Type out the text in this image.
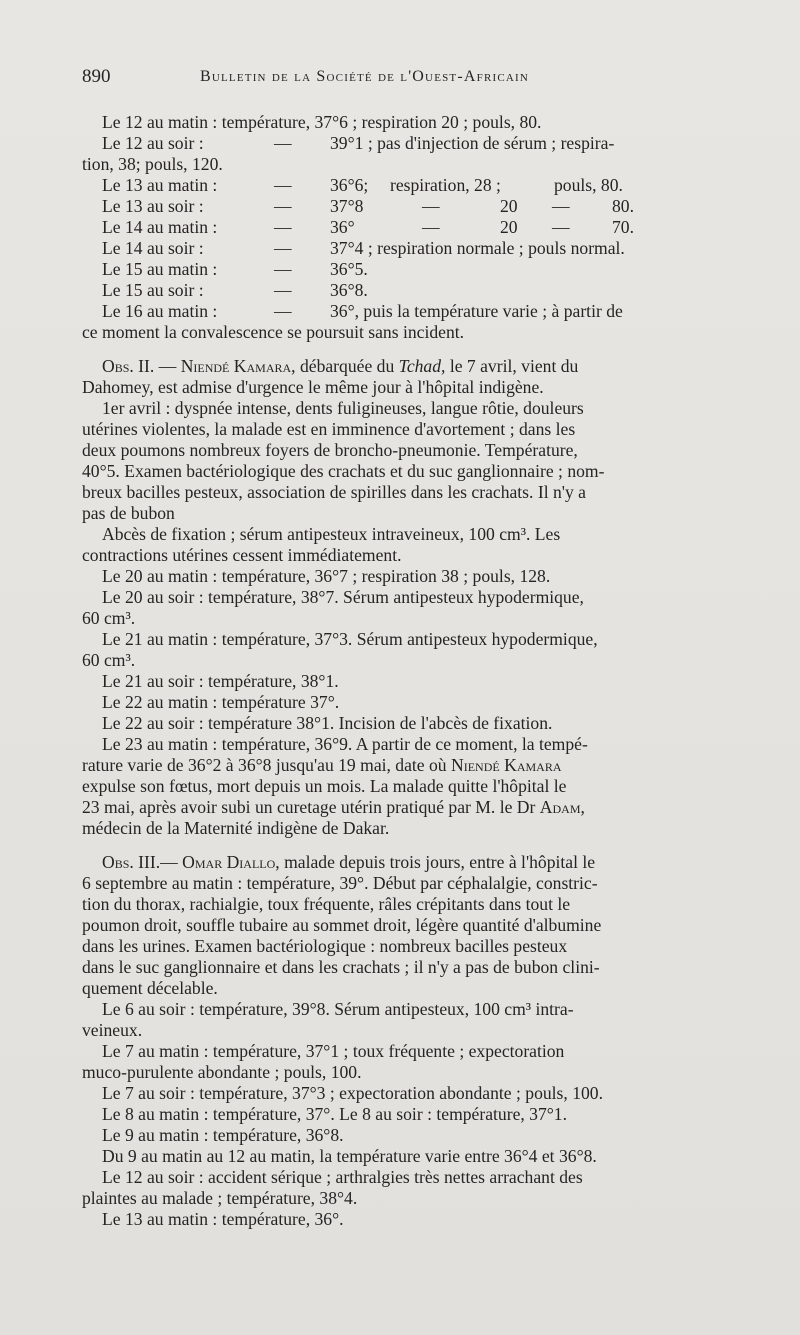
890	Bulletin de la Société de l'Ouest-Africain
Le 12 au matin : température, 37°6 ; respiration 20 ; pouls, 80.
Le 12 au soir :	— 39°1 ; pas d'injection de sérum ; respira-
tion, 38; pouls, 120.
Le 13 au matin :	— 36°6; respiration, 28 ;	pouls, 80.
Le 13 au soir :	— 37°8	—	20 — 80.
Le 14 au matin :	— 36°	—	20 — 70.
Le 14 au soir :	— 37°4 ; respiration normale ; pouls normal.
Le 15 au matin :	— 36°5.
Le 15 au soir :	— 36°8.
Le 16 au matin :	— 36°, puis la température varie ; à partir de
ce moment la convalescence se poursuit sans incident.
Obs. II. — Niendé Kamara, débarquée du Tchad, le 7 avril, vient du
Dahomey, est admise d'urgence le même jour à l'hôpital indigène.
1er avril : dyspnée intense, dents fuligineuses, langue rôtie, douleurs
utérines violentes, la malade est en imminence d'avortement ; dans les
deux poumons nombreux foyers de broncho-pneumonie. Température,
40°5. Examen bactériologique des crachats et du suc ganglionnaire ; nom-
breux bacilles pesteux, association de spirilles dans les crachats. Il n'y a
pas de bubon
Abcès de fixation ; sérum antipesteux intraveineux, 100 cm³. Les
contractions utérines cessent immédiatement.
Le 20 au matin : température, 36°7 ; respiration 38 ; pouls, 128.
Le 20 au soir : température, 38°7. Sérum antipesteux hypodermique,
60 cm³.
Le 21 au matin : température, 37°3. Sérum antipesteux hypodermique,
60 cm³.
Le 21 au soir : température, 38°1.
Le 22 au matin : température 37°.
Le 22 au soir : température 38°1. Incision de l'abcès de fixation.
Le 23 au matin : température, 36°9. A partir de ce moment, la tempé-
rature varie de 36°2 à 36°8 jusqu'au 19 mai, date où Niendé Kamara
expulse son fœtus, mort depuis un mois. La malade quitte l'hôpital le
23 mai, après avoir subi un curetage utérin pratiqué par M. le Dr Adam,
médecin de la Maternité indigène de Dakar.
Obs. III.— Omar Diallo, malade depuis trois jours, entre à l'hôpital le
6 septembre au matin : température, 39°. Début par céphalalgie, constric-
tion du thorax, rachialgie, toux fréquente, râles crépitants dans tout le
poumon droit, souffle tubaire au sommet droit, légère quantité d'albumine
dans les urines. Examen bactériologique : nombreux bacilles pesteux
dans le suc ganglionnaire et dans les crachats ; il n'y a pas de bubon clini-
quement décelable.
Le 6 au soir : température, 39°8. Sérum antipesteux, 100 cm³ intra-
veineux.
Le 7 au matin : température, 37°1 ; toux fréquente ; expectoration
muco-purulente abondante ; pouls, 100.
Le 7 au soir : température, 37°3 ; expectoration abondante ; pouls, 100.
Le 8 au matin : température, 37°. Le 8 au soir : température, 37°1.
Le 9 au matin : température, 36°8.
Du 9 au matin au 12 au matin, la température varie entre 36°4 et 36°8.
Le 12 au soir : accident sérique ; arthralgies très nettes arrachant des
plaintes au malade ; température, 38°4.
Le 13 au matin : température, 36°.
